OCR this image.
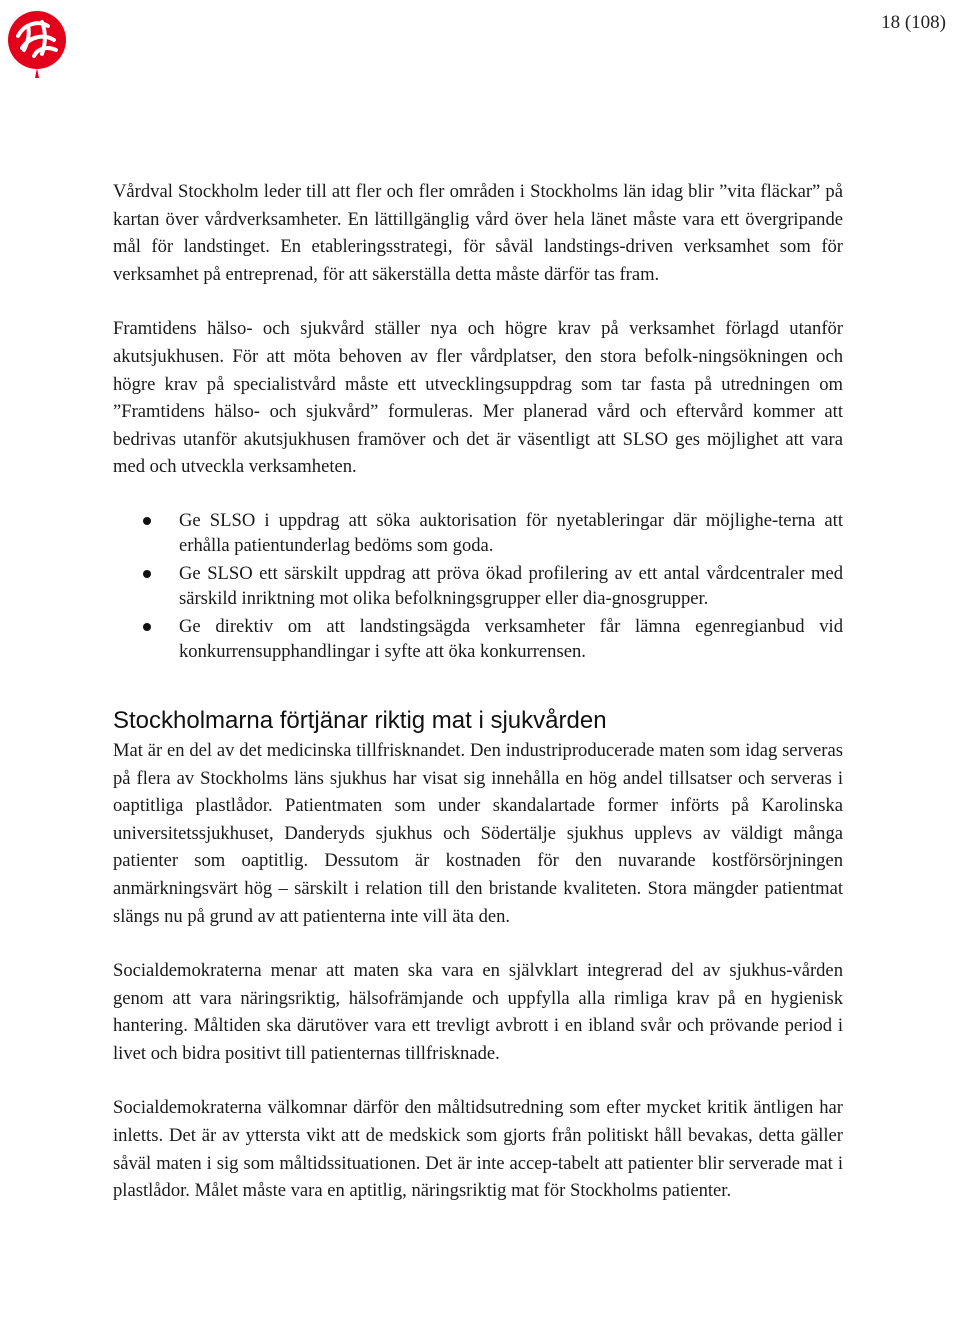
18 (108)

Vårdval Stockholm leder till att fler och fler områden i Stockholms län idag blir ”vita fläckar” på kartan över vårdverksamheter. En lättillgänglig vård över hela länet måste vara ett övergripande mål för landstinget. En etableringsstrategi, för såväl landstings-driven verksamhet som för verksamhet på entreprenad, för att säkerställa detta måste därför tas fram.

Framtidens hälso- och sjukvård ställer nya och högre krav på verksamhet förlagd utanför akutsjukhusen. För att möta behoven av fler vårdplatser, den stora befolk-ningsökningen och högre krav på specialistvård måste ett utvecklingsuppdrag som tar fasta på utredningen om ”Framtidens hälso- och sjukvård” formuleras. Mer planerad vård och eftervård kommer att bedrivas utanför akutsjukhusen framöver och det är väsentligt att SLSO ges möjlighet att vara med och utveckla verksamheten.

Ge SLSO i uppdrag att söka auktorisation för nyetableringar där möjlighe-terna att erhålla patientunderlag bedöms som goda.
Ge SLSO ett särskilt uppdrag att pröva ökad profilering av ett antal vårdcentraler med särskild inriktning mot olika befolkningsgrupper eller dia-gnosgrupper.
Ge direktiv om att landstingsägda verksamheter får lämna egenregianbud vid konkurrensupphandlingar i syfte att öka konkurrensen.
Stockholmarna förtjänar riktig mat i sjukvården

Mat är en del av det medicinska tillfrisknandet. Den industriproducerade maten som idag serveras på flera av Stockholms läns sjukhus har visat sig innehålla en hög andel tillsatser och serveras i oaptitliga plastlådor. Patientmaten som under skandalartade former införts på Karolinska universitetssjukhuset, Danderyds sjukhus och Södertälje sjukhus upplevs av väldigt många patienter som oaptitlig. Dessutom är kostnaden för den nuvarande kostförsörjningen anmärkningsvärt hög – särskilt i relation till den bristande kvaliteten. Stora mängder patientmat slängs nu på grund av att patienterna inte vill äta den.

Socialdemokraterna menar att maten ska vara en självklart integrerad del av sjukhus-vården genom att vara näringsriktig, hälsofrämjande och uppfylla alla rimliga krav på en hygienisk hantering. Måltiden ska därutöver vara ett trevligt avbrott i en ibland svår och prövande period i livet och bidra positivt till patienternas tillfrisknade.

Socialdemokraterna välkomnar därför den måltidsutredning som efter mycket kritik äntligen har inletts. Det är av yttersta vikt att de medskick som gjorts från politiskt håll bevakas, detta gäller såväl maten i sig som måltidssituationen. Det är inte accep-tabelt att patienter blir serverade mat i plastlådor. Målet måste vara en aptitlig, näringsriktig mat för Stockholms patienter.
